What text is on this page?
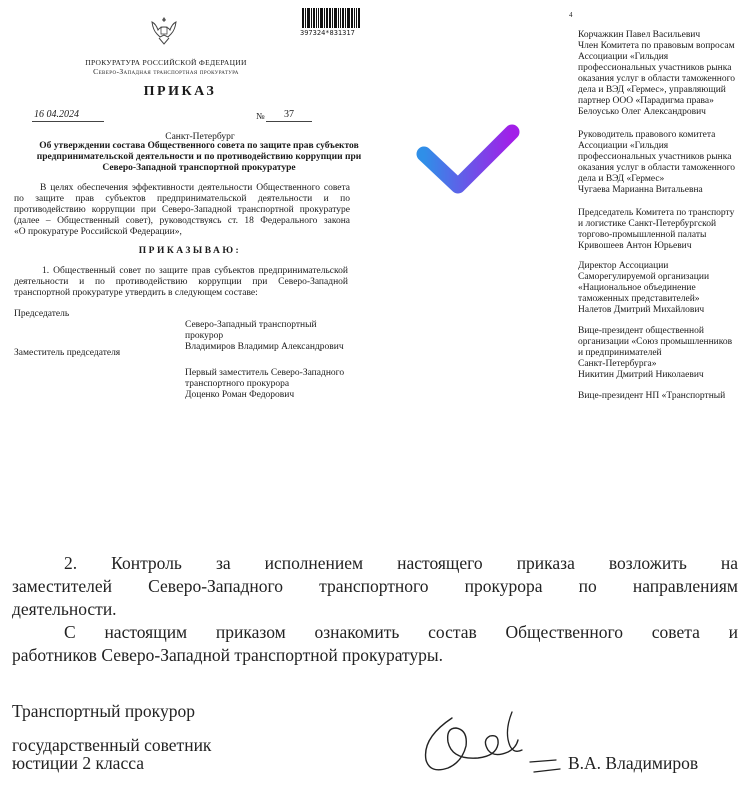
397324*831317
ПРОКУРАТУРА РОССИЙСКОЙ ФЕДЕРАЦИИ
Северо-Западная транспортная прокуратура
ПРИКАЗ
16 04.2024	№	37
Санкт-Петербург
Об утверждении состава Общественного совета по защите прав субъектов
предпринимательской деятельности и по противодействию коррупции при
Северо-Западной транспортной прокуратуре
В целях обеспечения эффективности деятельности Общественного совета
по защите прав субъектов предпринимательской деятельности и по
противодействию коррупции при Северо-Западной транспортной прокуратуре
(далее – Общественный совет), руководствуясь ст. 18 Федерального закона
«О прокуратуре Российской Федерации»,
ПРИКАЗЫВАЮ:
1. Общественный совет по защите прав субъектов предпринимательской
деятельности и по противодействию коррупции при Северо-Западной
транспортной прокуратуре утвердить в следующем составе:
Председатель
Северо-Западный транспортный
прокурор
Владимиров Владимир Александрович
Заместитель председателя
Первый заместитель Северо-Западного
транспортного прокурора
Доценко Роман Федорович
4
Корчажкин Павел Васильевич
Член Комитета по правовым вопросам
Ассоциации «Гильдия
профессиональных участников рынка
оказания услуг в области таможенного
дела и ВЭД «Гермес», управляющий
партнер ООО «Парадигма права»
Белоусько Олег Александрович
Руководитель правового комитета
Ассоциации «Гильдия
профессиональных участников рынка
оказания услуг в области таможенного
дела и ВЭД «Гермес»
Чугаева Марианна Витальевна
Председатель Комитета по транспорту
и логистике Санкт-Петербургской
торгово-промышленной палаты
Кривошеев Антон Юрьевич
Директор Ассоциации
Саморегулируемой организации
«Национальное объединение
таможенных представителей»
Налетов Дмитрий Михайлович
Вице-президент общественной
организации «Союз промышленников
и предпринимателей
Санкт-Петербурга»
Никитин Дмитрий Николаевич
Вице-президент НП «Транспортный
2. Контроль за исполнением настоящего приказа возложить на
заместителей Северо-Западного транспортного прокурора по направлениям
деятельности.
С настоящим приказом ознакомить состав Общественного совета и
работников Северо-Западной транспортной прокуратуры.
Транспортный прокурор
государственный советник
юстиции 2 класса	В.А. Владимиров
